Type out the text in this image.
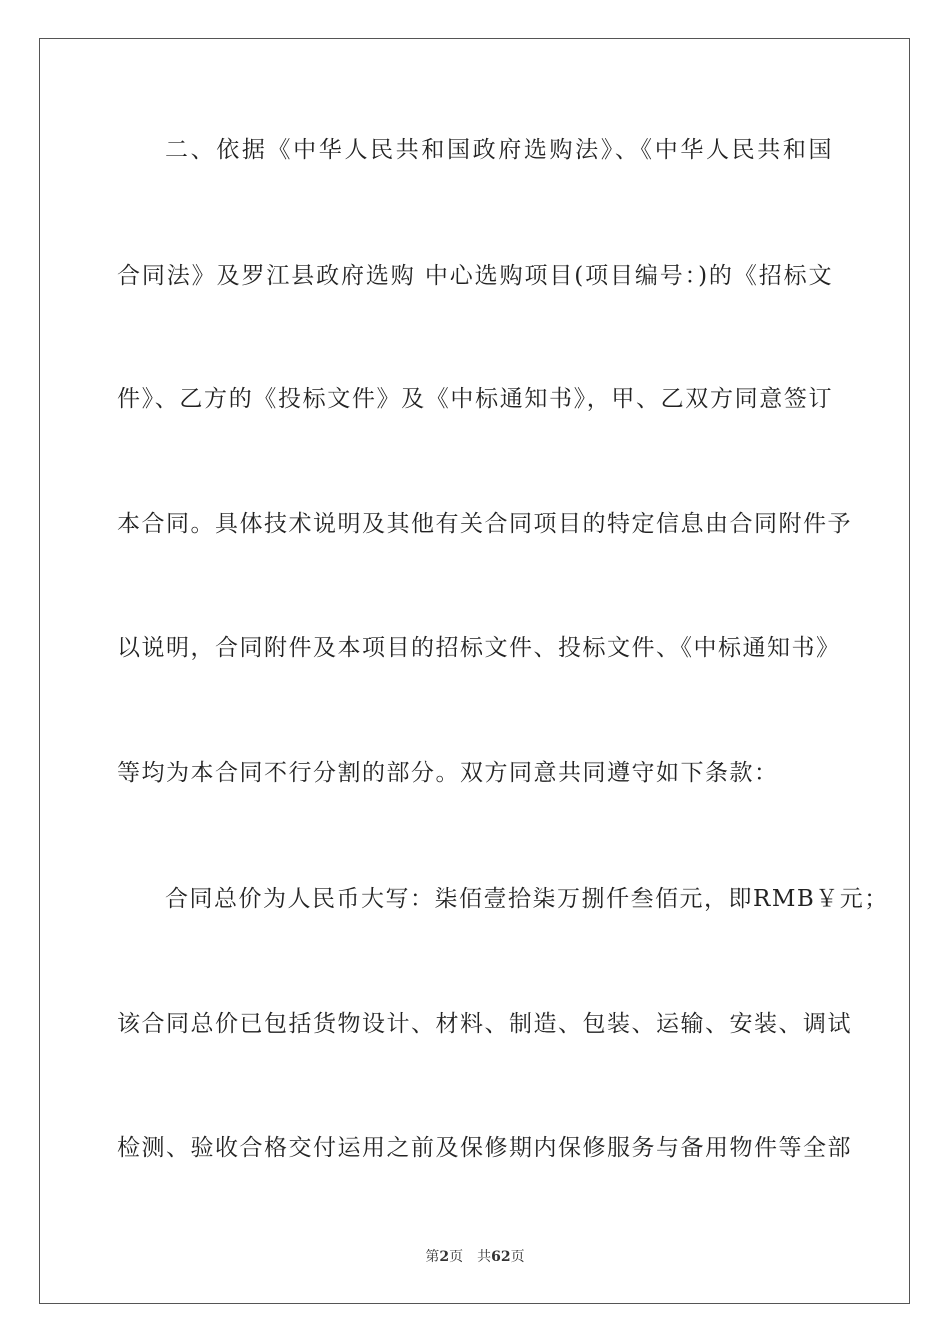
二、依据《中华人民共和国政府选购法》、《中华人民共和国
合同法》及罗江县政府选购 中心选购项目(项目编号：)的《招标文
件》、乙方的《投标文件》及《中标通知书》，甲、乙双方同意签订
本合同。具体技术说明及其他有关合同项目的特定信息由合同附件予
以说明，合同附件及本项目的招标文件、投标文件、《中标通知书》
等均为本合同不行分割的部分。双方同意共同遵守如下条款：
合同总价为人民币大写：柒佰壹拾柒万捌仟叁佰元，即RMB￥元；
该合同总价已包括货物设计、材料、制造、包装、运输、安装、调试
检测、验收合格交付运用之前及保修期内保修服务与备用物件等全部
第2页 共62页
